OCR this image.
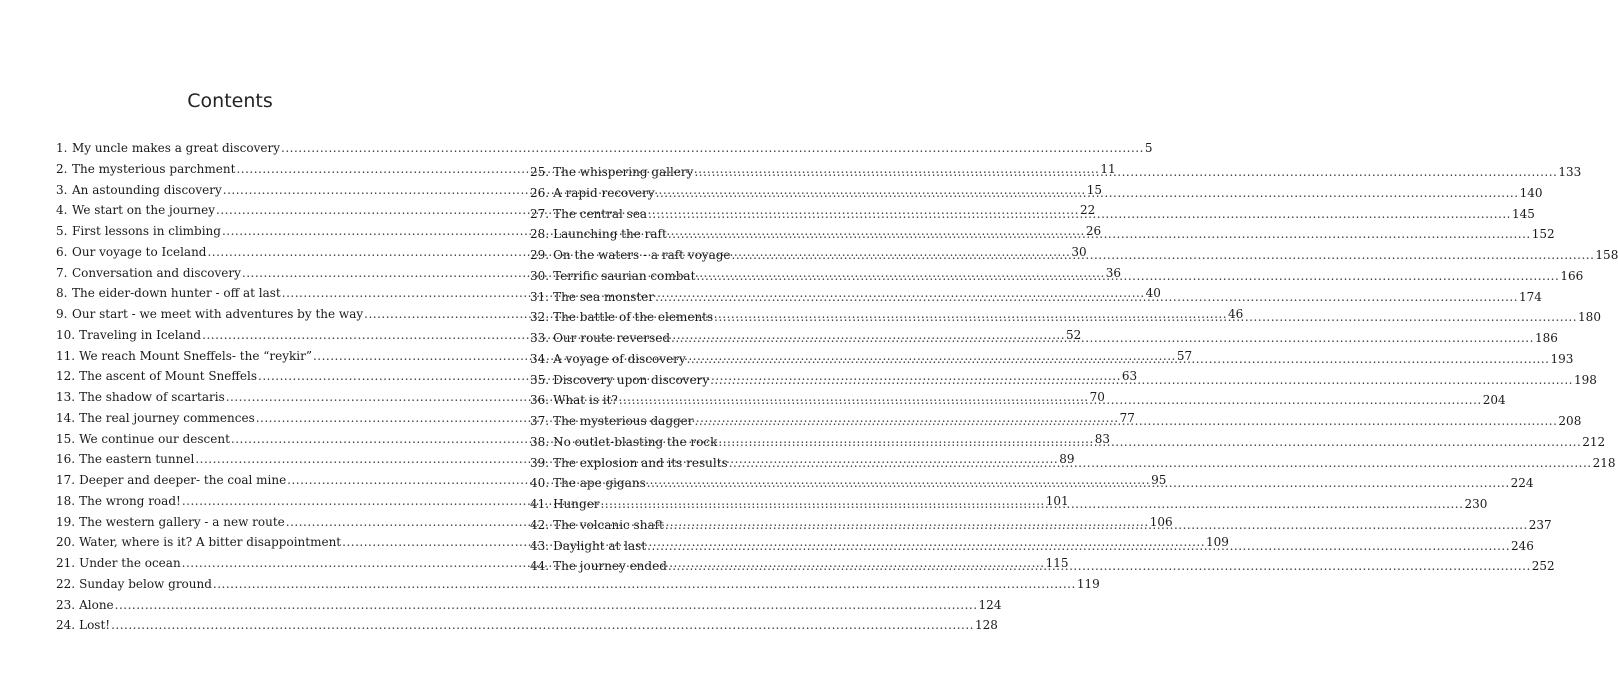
Contents
1. My uncle makes a great discovery .....	5
2. The mysterious parchment .....	11
3. An astounding discovery .....	15
4. We start on the journey .....	22
5. First lessons in climbing .....	26
6. Our voyage to Iceland .....	30
7. Conversation and discovery .....	36
8. The eider-down hunter - off at last .....	40
9. Our start - we meet with adventures by the way .....	46
10. Traveling in Iceland .....	52
11. We reach Mount Sneffels- the “reykir” .....	57
12. The ascent of Mount Sneffels .....	63
13. The shadow of scartaris .....	70
14. The real journey commences .....	77
15. We continue our descent .....	83
16. The eastern tunnel .....	89
17. Deeper and deeper- the coal mine .....	95
18. The wrong road! .....	101
19. The western gallery - a new route .....	106
20. Water, where is it? A bitter disappointment .....	109
21. Under the ocean .....	115
22. Sunday below ground .....	119
23. Alone .....	124
24. Lost! .....	128
25. The whispering gallery .....	133
26. A rapid recovery .....	140
27. The central sea .....	145
28. Launching the raft .....	152
29. On the waters - a raft voyage .....	158
30. Terrific saurian combat .....	166
31. The sea monster .....	174
32. The battle of the elements .....	180
33. Our route reversed .....	186
34. A voyage of discovery .....	193
35. Discovery upon discovery .....	198
36. What is it? .....	204
37. The mysterious dagger .....	208
38. No outlet-blasting the rock .....	212
39. The explosion and its results .....	218
40. The ape gigans .....	224
41. Hunger .....	230
42. The volcanic shaft .....	237
43. Daylight at last .....	246
44. The journey ended .....	252
